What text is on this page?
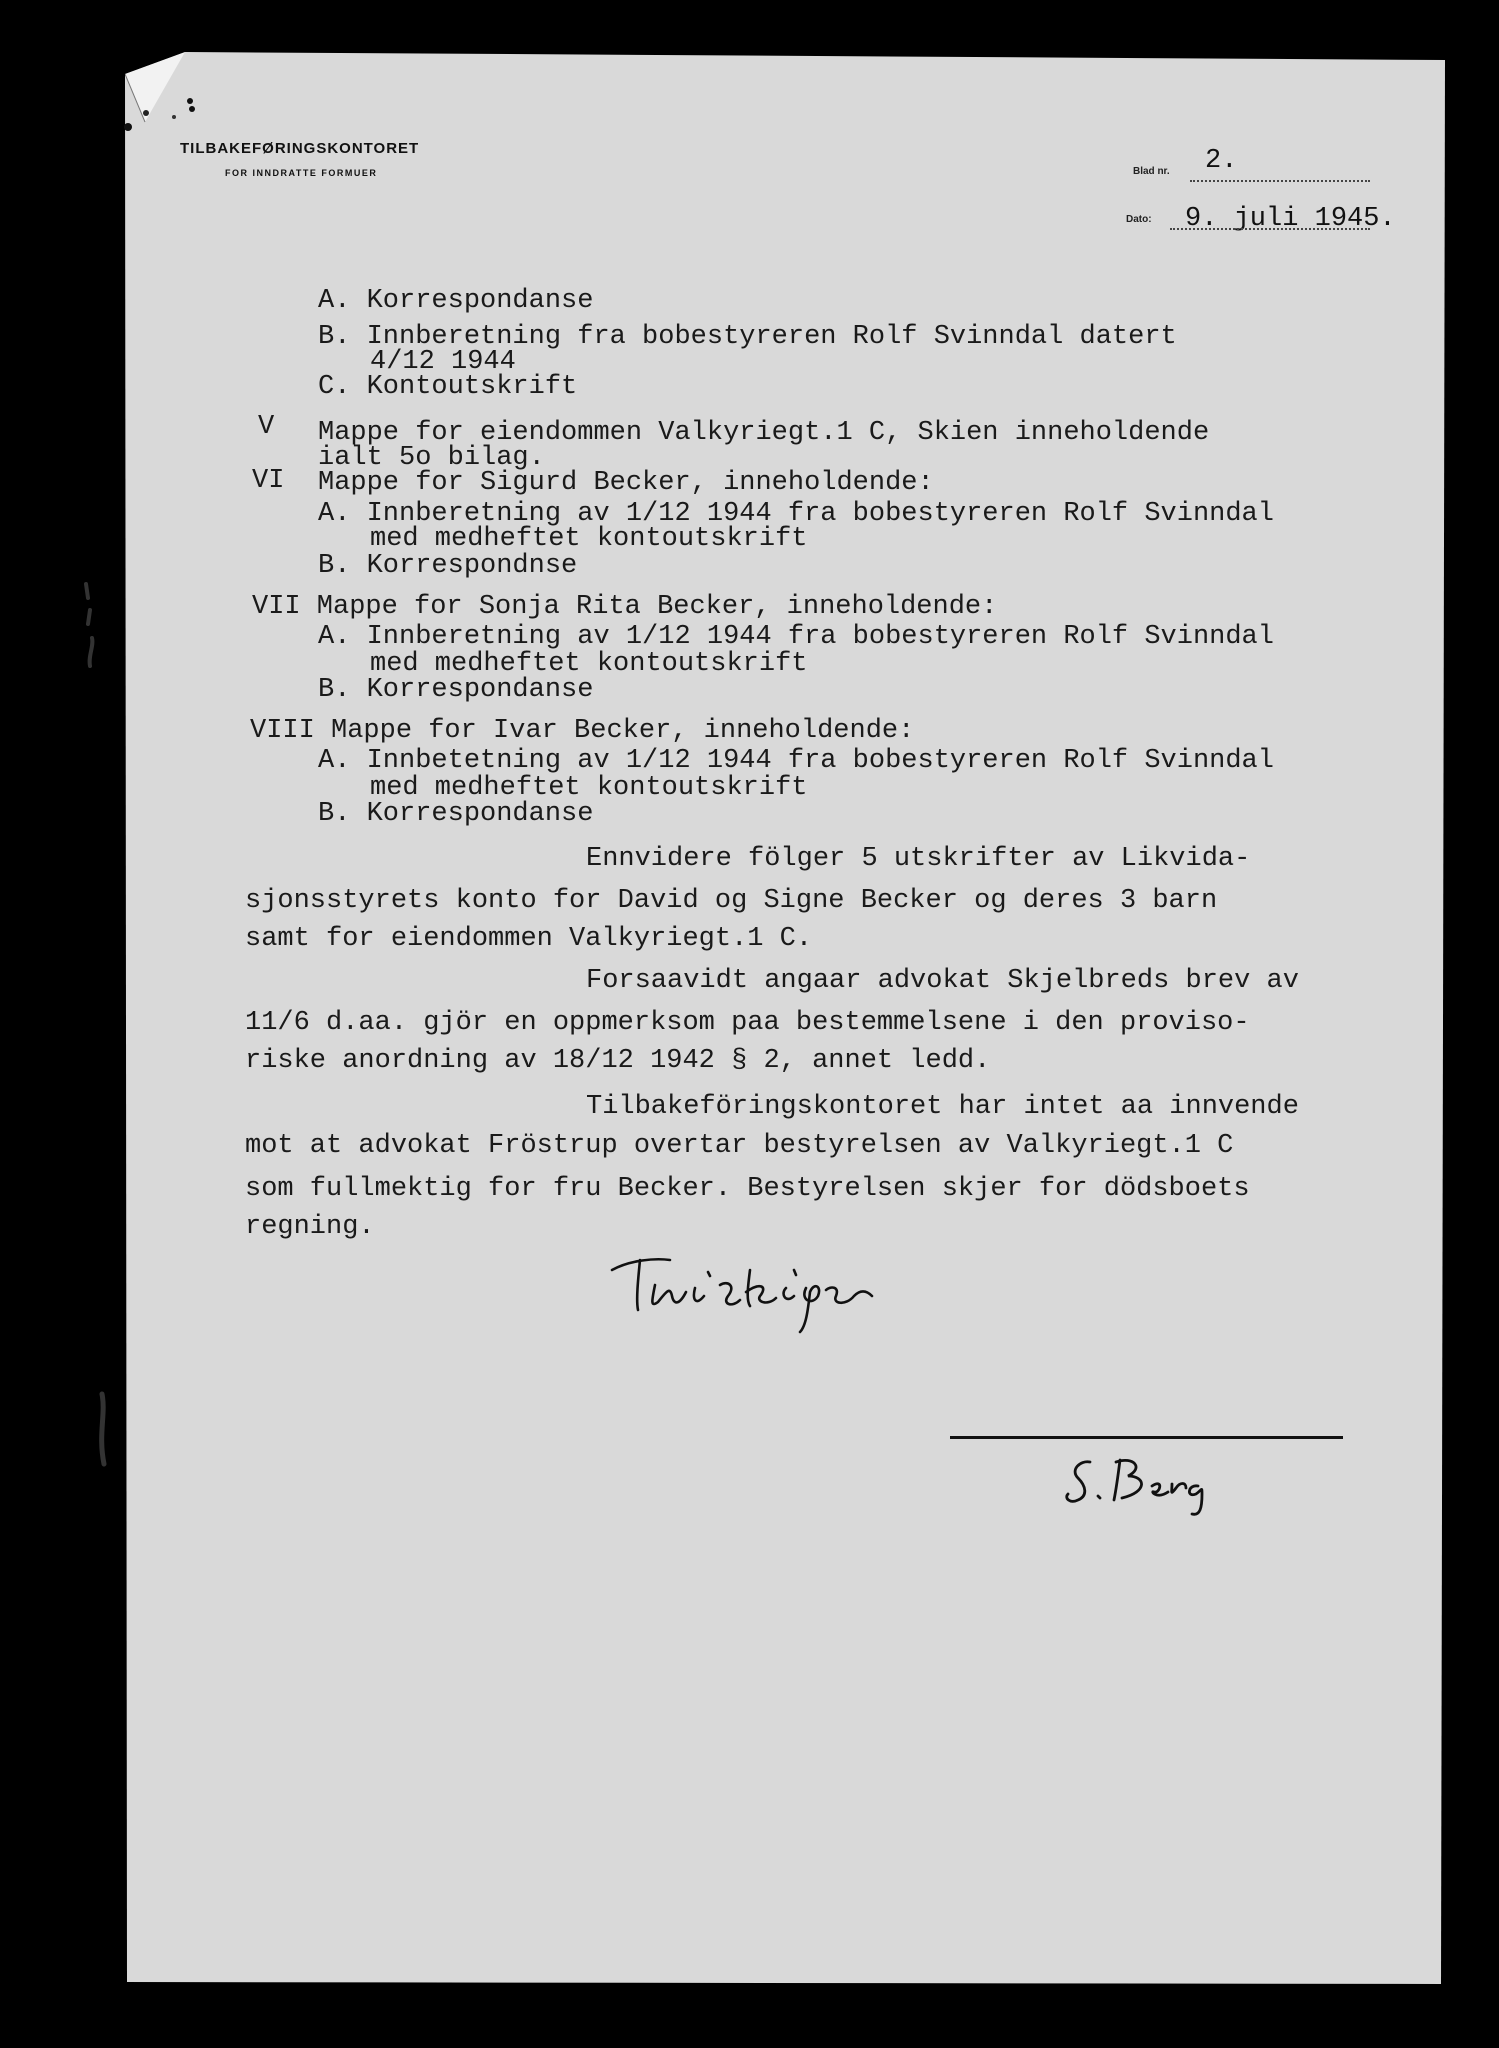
TILBAKEFØRINGSKONTORET
FOR INNDRATTE FORMUER	Blad nr. 2.
Dato: 9. juli 1945.
A. Korrespondanse
B. Innberetning fra bobestyreren Rolf Svinndal datert
4/12 1944
C. Kontoutskrift
V Mappe for eiendommen Valkyriegt.1 C, Skien inneholdende
ialt 5o bilag.
VI Mappe for Sigurd Becker, inneholdende:
A. Innberetning av 1/12 1944 fra bobestyreren Rolf Svinndal
med medheftet kontoutskrift
B. Korrespondnse
VII Mappe for Sonja Rita Becker, inneholdende:
A. Innberetning av 1/12 1944 fra bobestyreren Rolf Svinndal
med medheftet kontoutskrift
B. Korrespondanse
VIII Mappe for Ivar Becker, inneholdende:
A. Innbetetning av 1/12 1944 fra bobestyreren Rolf Svinndal
med medheftet kontoutskrift
B. Korrespondanse
Ennvidere fölger 5 utskrifter av Likvida-
sjonsstyrets konto for David og Signe Becker og deres 3 barn
samt for eiendommen Valkyriegt.1 C.
Forsaavidt angaar advokat Skjelbreds brev av
11/6 d.aa. gjör en oppmerksom paa bestemmelsene i den proviso-
riske anordning av 18/12 1942 § 2, annet ledd.
Tilbakeföringskontoret har intet aa innvende
mot at advokat Fröstrup overtar bestyrelsen av Valkyriegt.1 C
som fullmektig for fru Becker. Bestyrelsen skjer for dödsboets
regning.
